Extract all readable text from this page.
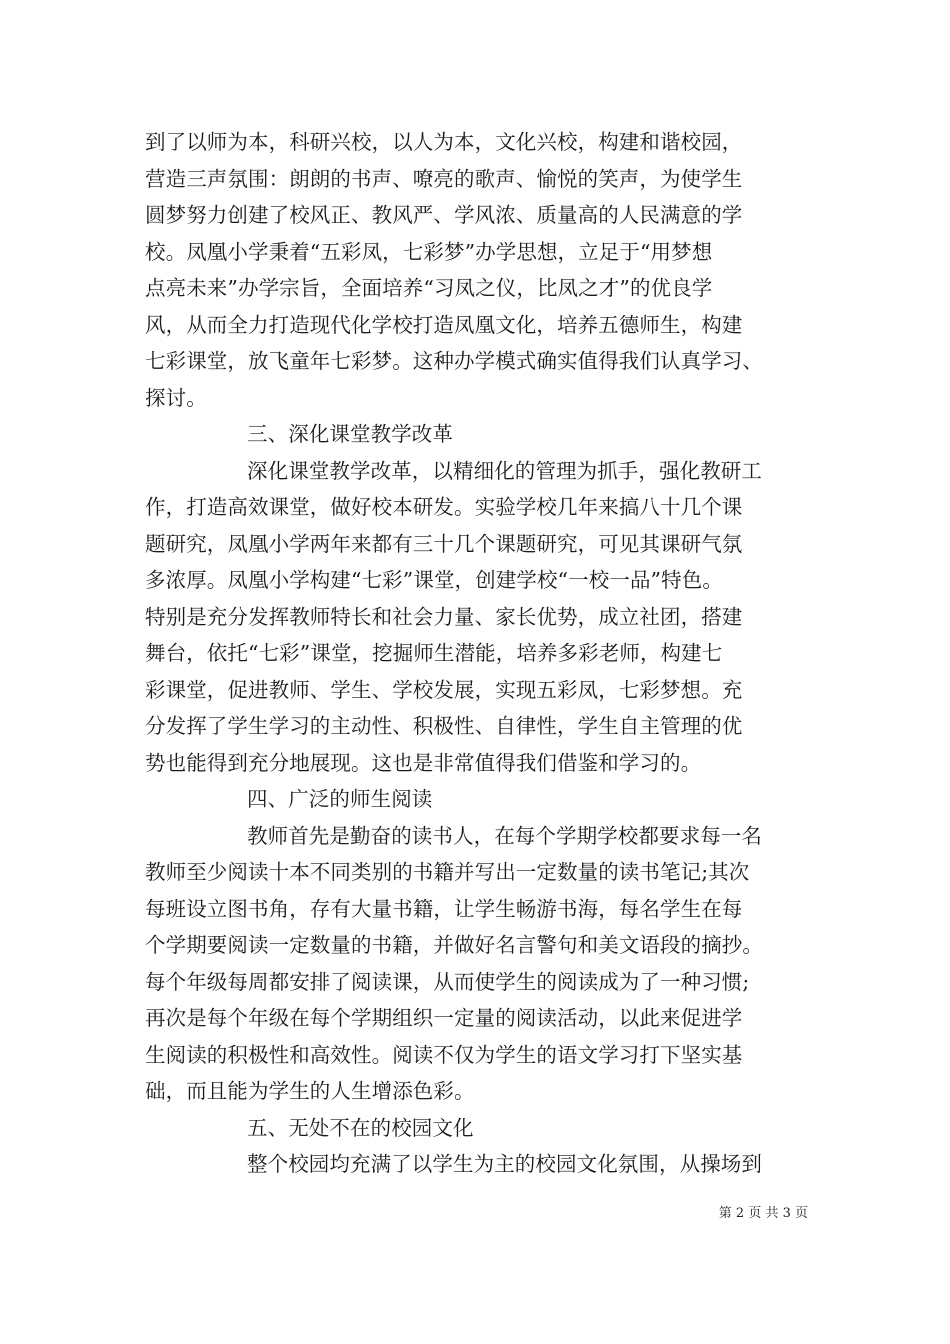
到了以师为本，科研兴校，以人为本，文化兴校，构建和谐校园，
营造三声氛围：朗朗的书声、嘹亮的歌声、愉悦的笑声，为使学生
圆梦努力创建了校风正、教风严、学风浓、质量高的人民满意的学
校。凤凰小学秉着“五彩凤，七彩梦”办学思想，立足于“用梦想
点亮未来”办学宗旨，全面培养“习凤之仪，比凤之才”的优良学
风，从而全力打造现代化学校打造凤凰文化，培养五德师生，构建
七彩课堂，放飞童年七彩梦。这种办学模式确实值得我们认真学习、
探讨。
三、深化课堂教学改革
深化课堂教学改革，以精细化的管理为抓手，强化教研工
作，打造高效课堂，做好校本研发。实验学校几年来搞八十几个课
题研究，凤凰小学两年来都有三十几个课题研究，可见其课研气氛
多浓厚。凤凰小学构建“七彩”课堂，创建学校“一校一品”特色。
特别是充分发挥教师特长和社会力量、家长优势，成立社团，搭建
舞台，依托“七彩”课堂，挖掘师生潜能，培养多彩老师，构建七
彩课堂，促进教师、学生、学校发展，实现五彩凤，七彩梦想。充
分发挥了学生学习的主动性、积极性、自律性，学生自主管理的优
势也能得到充分地展现。这也是非常值得我们借鉴和学习的。
四、广泛的师生阅读
教师首先是勤奋的读书人，在每个学期学校都要求每一名
教师至少阅读十本不同类别的书籍并写出一定数量的读书笔记;其次
每班设立图书角，存有大量书籍，让学生畅游书海，每名学生在每
个学期要阅读一定数量的书籍，并做好名言警句和美文语段的摘抄。
每个年级每周都安排了阅读课，从而使学生的阅读成为了一种习惯;
再次是每个年级在每个学期组织一定量的阅读活动，以此来促进学
生阅读的积极性和高效性。阅读不仅为学生的语文学习打下坚实基
础，而且能为学生的人生增添色彩。
五、无处不在的校园文化
整个校园均充满了以学生为主的校园文化氛围，从操场到
第 2 页 共 3 页
